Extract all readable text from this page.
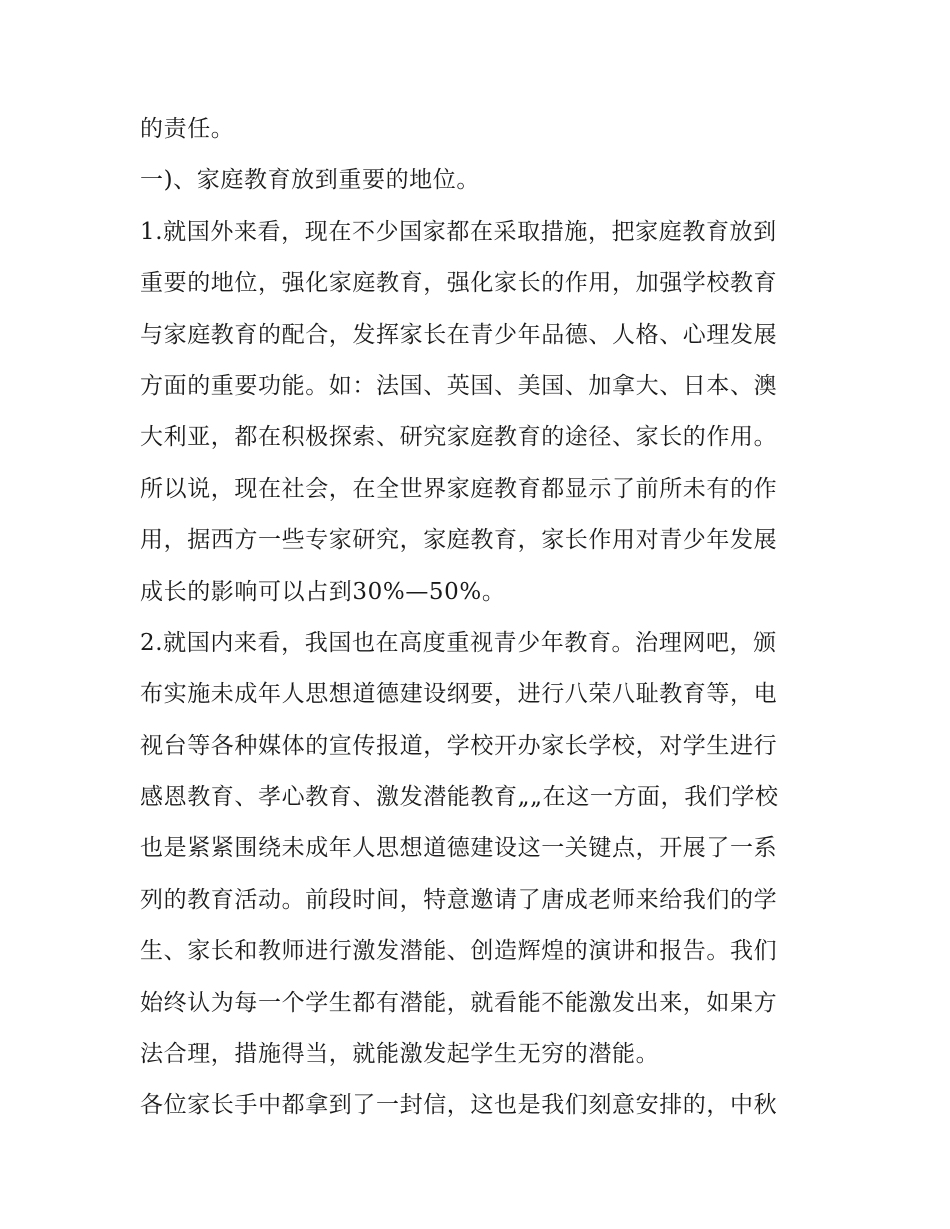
的责任。
一)、家庭教育放到重要的地位。
1.就国外来看，现在不少国家都在采取措施，把家庭教育放到
重要的地位，强化家庭教育，强化家长的作用，加强学校教育
与家庭教育的配合，发挥家长在青少年品德、人格、心理发展
方面的重要功能。如：法国、英国、美国、加拿大、日本、澳
大利亚，都在积极探索、研究家庭教育的途径、家长的作用。
所以说，现在社会，在全世界家庭教育都显示了前所未有的作
用，据西方一些专家研究，家庭教育，家长作用对青少年发展
成长的影响可以占到30%—50%。
2.就国内来看，我国也在高度重视青少年教育。治理网吧，颁
布实施未成年人思想道德建设纲要，进行八荣八耻教育等，电
视台等各种媒体的宣传报道，学校开办家长学校，对学生进行
感恩教育、孝心教育、激发潜能教育„„在这一方面，我们学校
也是紧紧围绕未成年人思想道德建设这一关键点，开展了一系
列的教育活动。前段时间，特意邀请了唐成老师来给我们的学
生、家长和教师进行激发潜能、创造辉煌的演讲和报告。我们
始终认为每一个学生都有潜能，就看能不能激发出来，如果方
法合理，措施得当，就能激发起学生无穷的潜能。
各位家长手中都拿到了一封信，这也是我们刻意安排的，中秋
